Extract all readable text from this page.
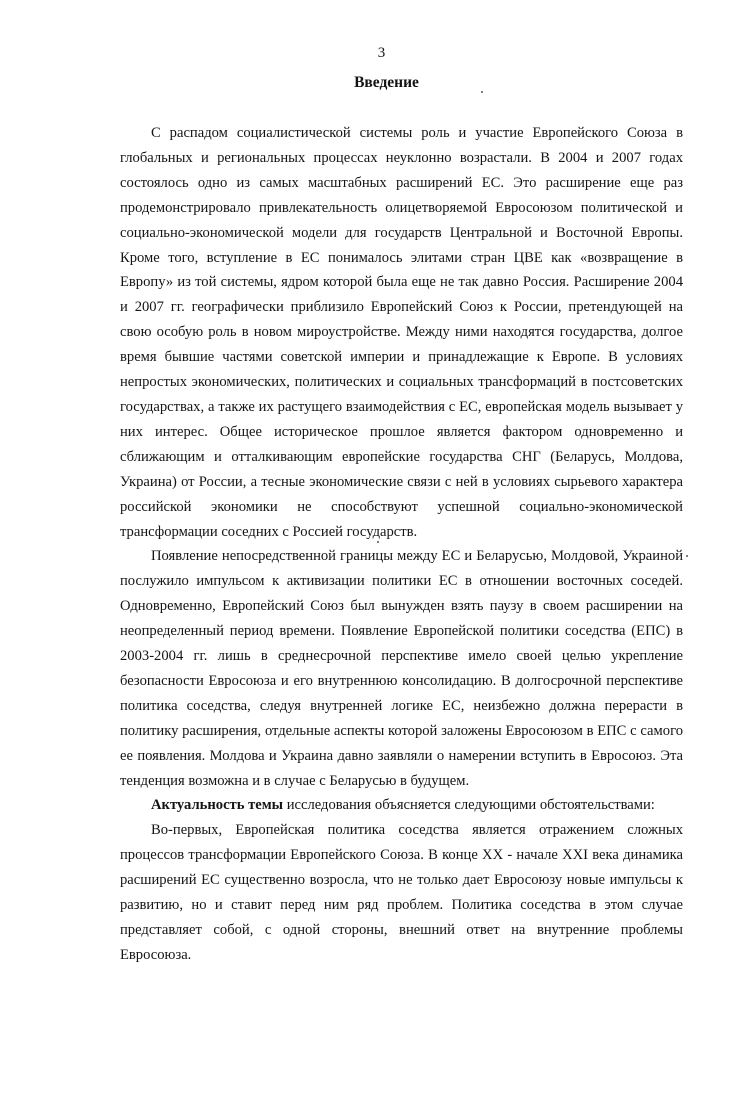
3
Введение

С распадом социалистической системы роль и участие Европейского Союза в глобальных и региональных процессах неуклонно возрастали. В 2004 и 2007 годах состоялось одно из самых масштабных расширений ЕС. Это расширение еще раз продемонстрировало привлекательность олицетворяемой Евросоюзом политической и социально-экономической модели для государств Центральной и Восточной Европы. Кроме того, вступление в ЕС понималось элитами стран ЦВЕ как «возвращение в Европу» из той системы, ядром которой была еще не так давно Россия. Расширение 2004 и 2007 гг. географически приблизило Европейский Союз к России, претендующей на свою особую роль в новом мироустройстве. Между ними находятся государства, долгое время бывшие частями советской империи и принадлежащие к Европе. В условиях непростых экономических, политических и социальных трансформаций в постсоветских государствах, а также их растущего взаимодействия с ЕС, европейская модель вызывает у них интерес. Общее историческое прошлое является фактором одновременно и сближающим и отталкивающим европейские государства СНГ (Беларусь, Молдова, Украина) от России, а тесные экономические связи с ней в условиях сырьевого характера российской экономики не способствуют успешной социально-экономической трансформации соседних с Россией государств.

Появление непосредственной границы между ЕС и Беларусью, Молдовой, Украиной послужило импульсом к активизации политики ЕС в отношении восточных соседей. Одновременно, Европейский Союз был вынужден взять паузу в своем расширении на неопределенный период времени. Появление Европейской политики соседства (ЕПС) в 2003-2004 гг. лишь в среднесрочной перспективе имело своей целью укрепление безопасности Евросоюза и его внутреннюю консолидацию. В долгосрочной перспективе политика соседства, следуя внутренней логике ЕС, неизбежно должна перерасти в политику расширения, отдельные аспекты которой заложены Евросоюзом в ЕПС с самого ее появления. Молдова и Украина давно заявляли о намерении вступить в Евросоюз. Эта тенденция возможна и в случае с Беларусью в будущем.

Актуальность темы исследования объясняется следующими обстоятельствами:

Во-первых, Европейская политика соседства является отражением сложных процессов трансформации Европейского Союза. В конце XX - начале XXI века динамика расширений ЕС существенно возросла, что не только дает Евросоюзу новые импульсы к развитию, но и ставит перед ним ряд проблем. Политика соседства в этом случае представляет собой, с одной стороны, внешний ответ на внутренние проблемы Евросоюза.
